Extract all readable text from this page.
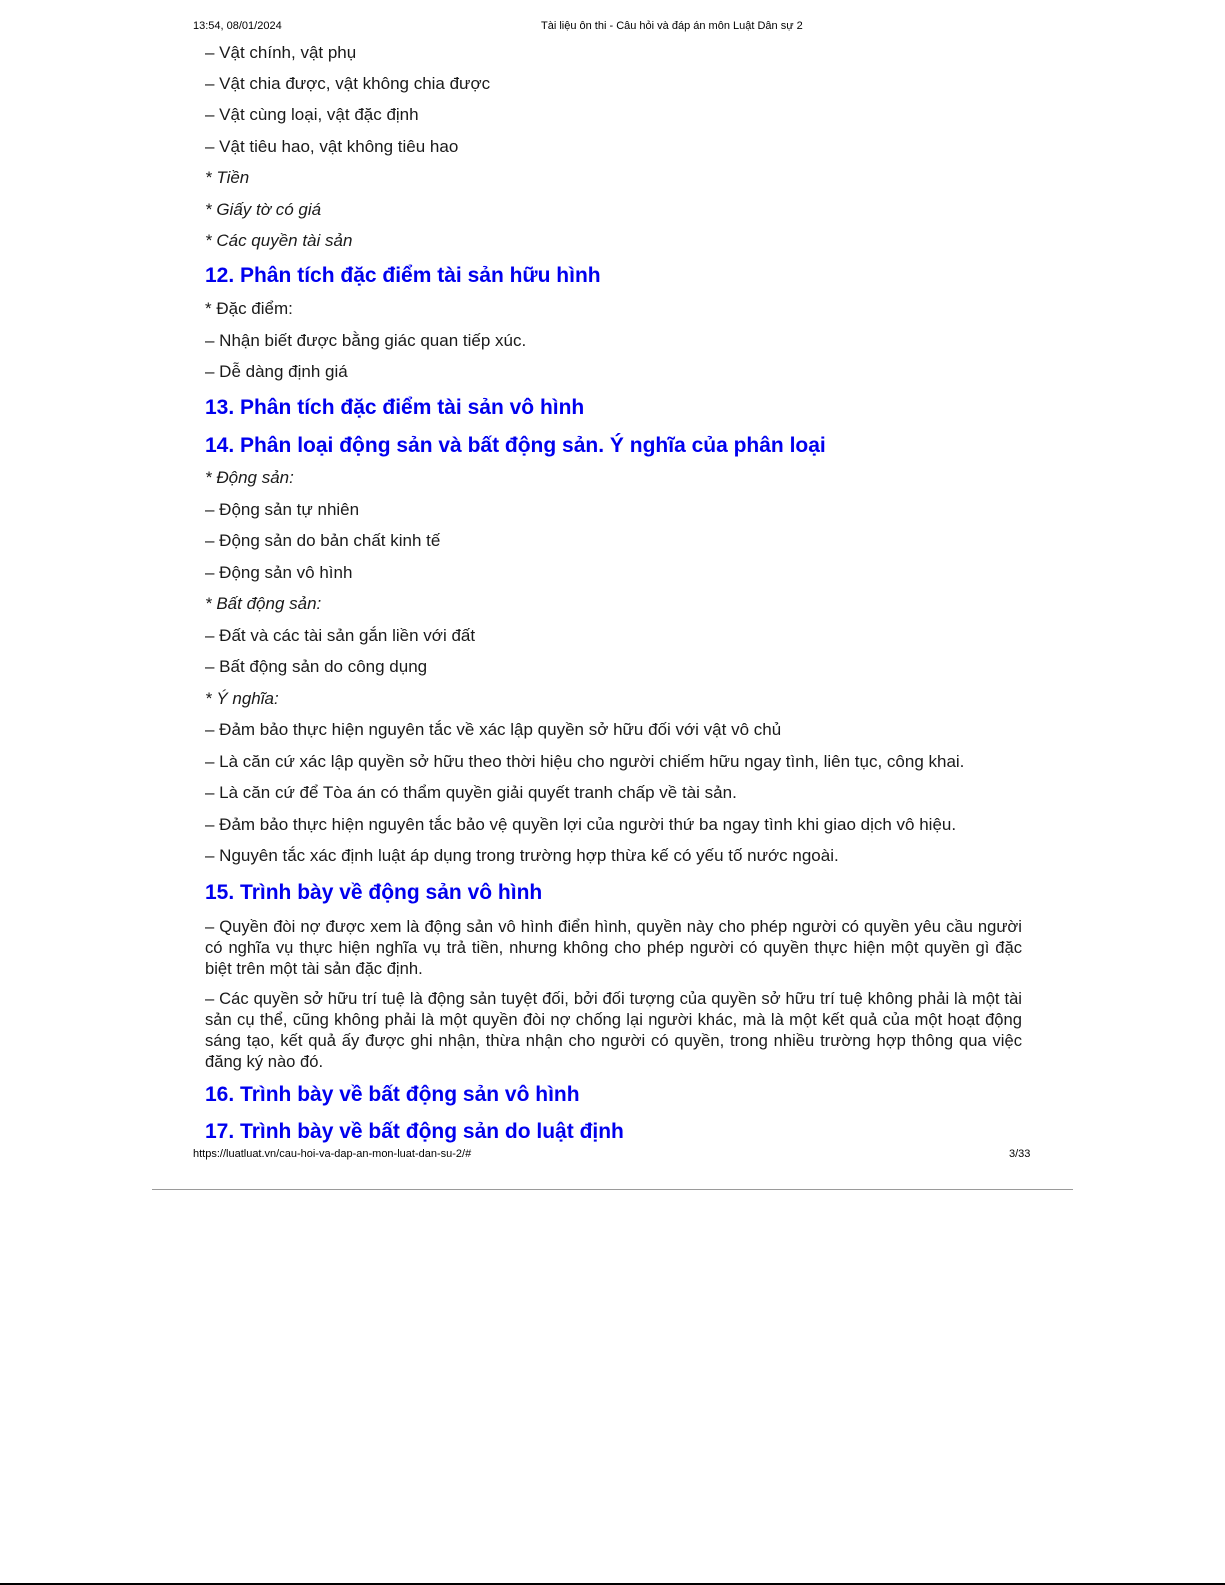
13:54, 08/01/2024	Tài liệu ôn thi - Câu hỏi và đáp án môn Luật Dân sự 2
– Vật chính, vật phụ
– Vật chia được, vật không chia được
– Vật cùng loại, vật đặc định
– Vật tiêu hao, vật không tiêu hao
* Tiền
* Giấy tờ có giá
* Các quyền tài sản
12. Phân tích đặc điểm tài sản hữu hình
* Đặc điểm:
– Nhận biết được bằng giác quan tiếp xúc.
– Dễ dàng định giá
13. Phân tích đặc điểm tài sản vô hình
14. Phân loại động sản và bất động sản. Ý nghĩa của phân loại
* Động sản:
– Động sản tự nhiên
– Động sản do bản chất kinh tế
– Động sản vô hình
* Bất động sản:
– Đất và các tài sản gắn liền với đất
– Bất động sản do công dụng
* Ý nghĩa:
– Đảm bảo thực hiện nguyên tắc về xác lập quyền sở hữu đối với vật vô chủ
– Là căn cứ xác lập quyền sở hữu theo thời hiệu cho người chiếm hữu ngay tình, liên tục, công khai.
– Là căn cứ để Tòa án có thẩm quyền giải quyết tranh chấp về tài sản.
– Đảm bảo thực hiện nguyên tắc bảo vệ quyền lợi của người thứ ba ngay tình khi giao dịch vô hiệu.
– Nguyên tắc xác định luật áp dụng trong trường hợp thừa kế có yếu tố nước ngoài.
15. Trình bày về động sản vô hình
– Quyền đòi nợ được xem là động sản vô hình điển hình, quyền này cho phép người có quyền yêu cầu người có nghĩa vụ thực hiện nghĩa vụ trả tiền, nhưng không cho phép người có quyền thực hiện một quyền gì đặc biệt trên một tài sản đặc định.
– Các quyền sở hữu trí tuệ là động sản tuyệt đối, bởi đối tượng của quyền sở hữu trí tuệ không phải là một tài sản cụ thể, cũng không phải là một quyền đòi nợ chống lại người khác, mà là một kết quả của một hoạt động sáng tạo, kết quả ấy được ghi nhận, thừa nhận cho người có quyền, trong nhiều trường hợp thông qua việc đăng ký nào đó.
16. Trình bày về bất động sản vô hình
17. Trình bày về bất động sản do luật định
https://luatluat.vn/cau-hoi-va-dap-an-mon-luat-dan-su-2/#	3/33
